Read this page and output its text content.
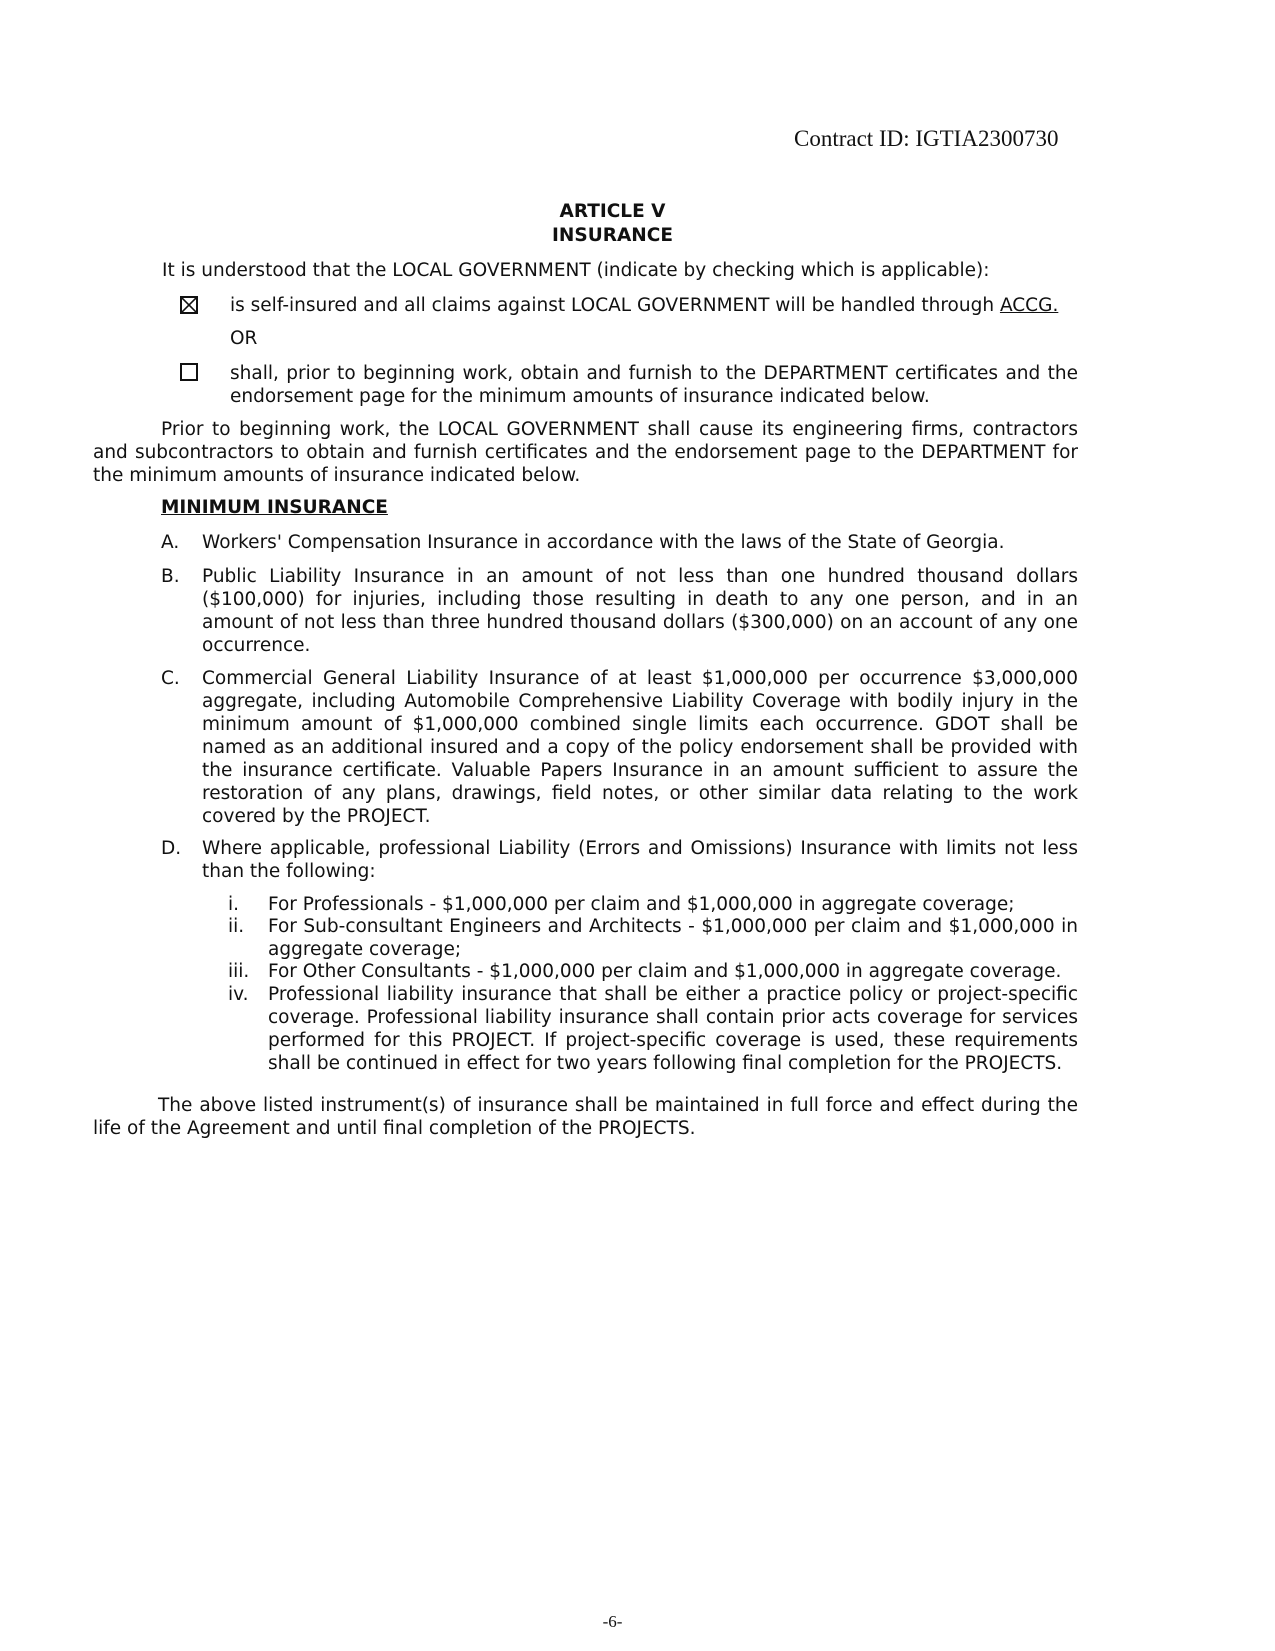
Contract ID: IGTIA2300730
ARTICLE V
INSURANCE

It is understood that the LOCAL GOVERNMENT (indicate by checking which is applicable):

is self-insured and all claims against LOCAL GOVERNMENT will be handled through ACCG.

OR

shall, prior to beginning work, obtain and furnish to the DEPARTMENT certificates and the endorsement page for the minimum amounts of insurance indicated below.

Prior to beginning work, the LOCAL GOVERNMENT shall cause its engineering firms, contractors and subcontractors to obtain and furnish certificates and the endorsement page to the DEPARTMENT for the minimum amounts of insurance indicated below.

MINIMUM INSURANCE
A. Workers' Compensation Insurance in accordance with the laws of the State of Georgia.

B. Public Liability Insurance in an amount of not less than one hundred thousand dollars ($100,000) for injuries, including those resulting in death to any one person, and in an amount of not less than three hundred thousand dollars ($300,000) on an account of any one occurrence.

C. Commercial General Liability Insurance of at least $1,000,000 per occurrence $3,000,000 aggregate, including Automobile Comprehensive Liability Coverage with bodily injury in the minimum amount of $1,000,000 combined single limits each occurrence. GDOT shall be named as an additional insured and a copy of the policy endorsement shall be provided with the insurance certificate. Valuable Papers Insurance in an amount sufficient to assure the restoration of any plans, drawings, field notes, or other similar data relating to the work covered by the PROJECT.

D. Where applicable, professional Liability (Errors and Omissions) Insurance with limits not less than the following:

i. For Professionals - $1,000,000 per claim and $1,000,000 in aggregate coverage;

ii. For Sub-consultant Engineers and Architects - $1,000,000 per claim and $1,000,000 in aggregate coverage;

iii. For Other Consultants - $1,000,000 per claim and $1,000,000 in aggregate coverage.

iv. Professional liability insurance that shall be either a practice policy or project-specific coverage. Professional liability insurance shall contain prior acts coverage for services performed for this PROJECT. If project-specific coverage is used, these requirements shall be continued in effect for two years following final completion for the PROJECTS.

The above listed instrument(s) of insurance shall be maintained in full force and effect during the life of the Agreement and until final completion of the PROJECTS.

-6-
